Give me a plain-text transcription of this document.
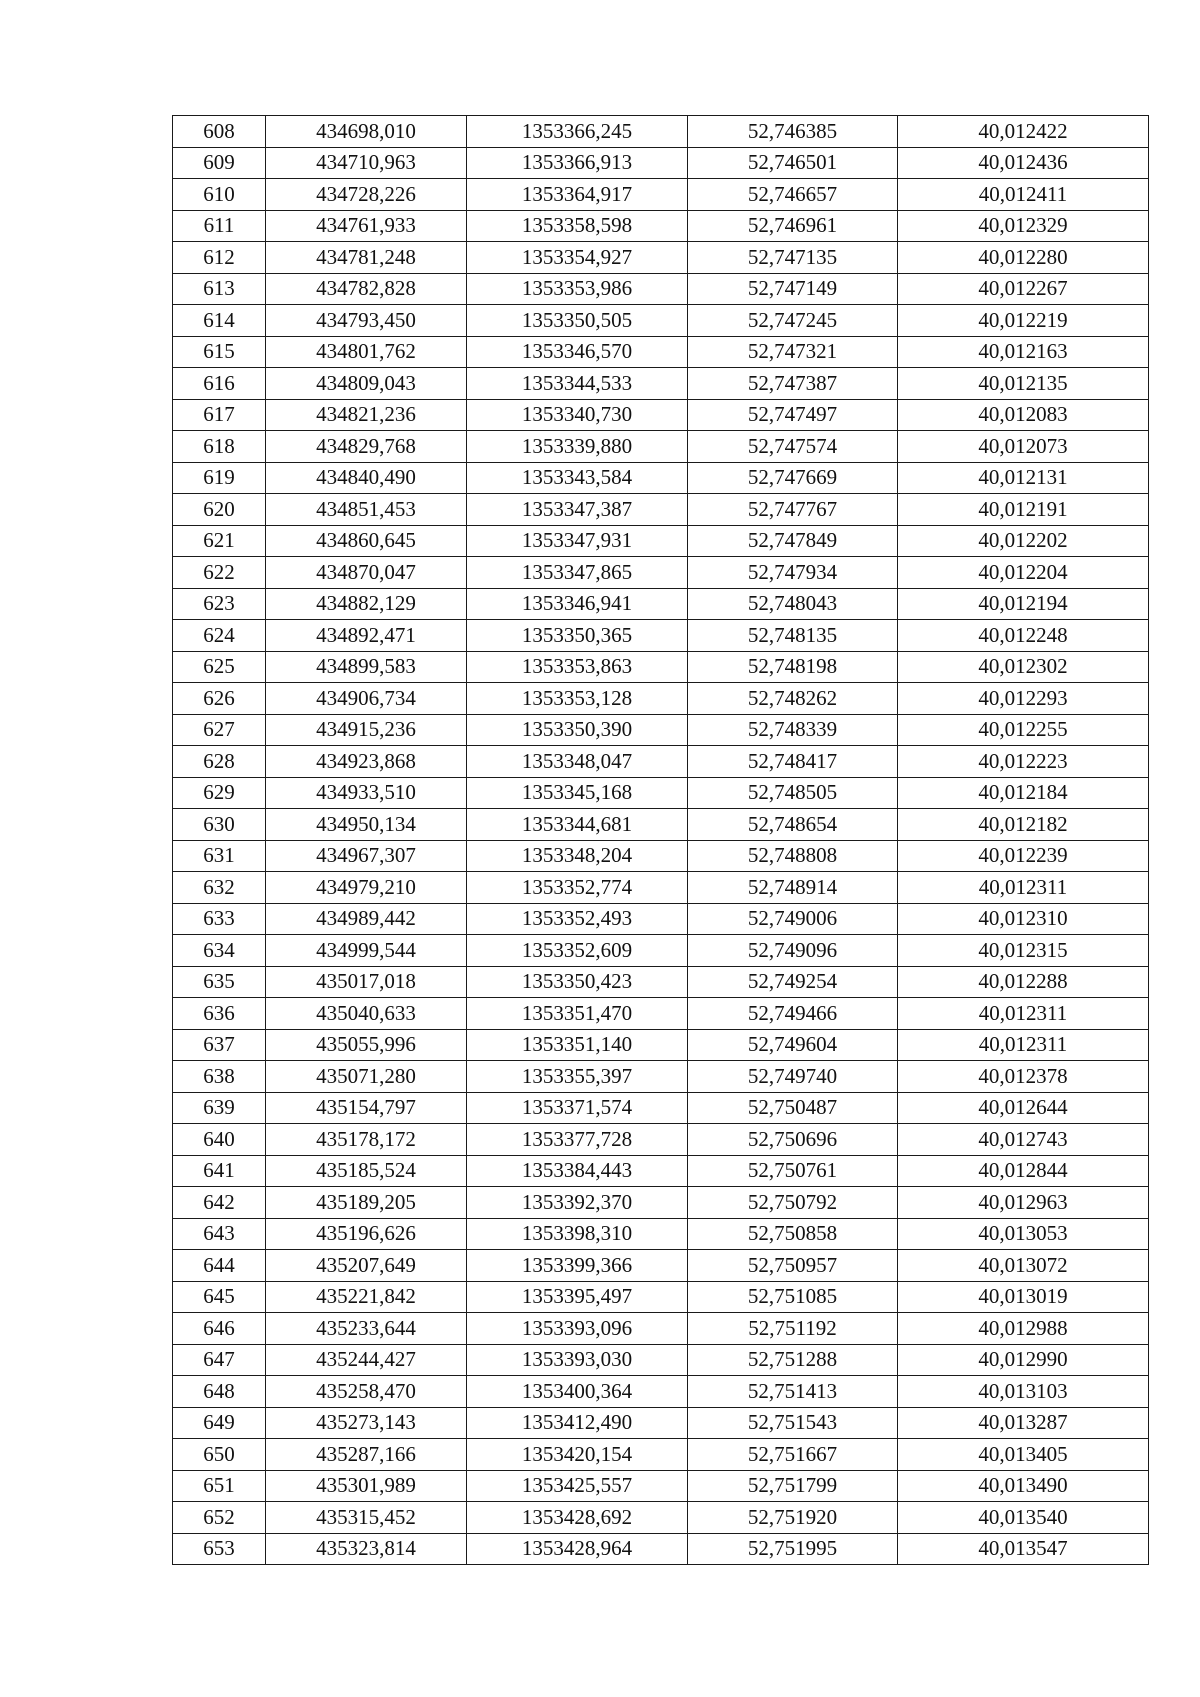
608	434698,010	1353366,245	52,746385	40,012422
609	434710,963	1353366,913	52,746501	40,012436
610	434728,226	1353364,917	52,746657	40,012411
611	434761,933	1353358,598	52,746961	40,012329
612	434781,248	1353354,927	52,747135	40,012280
613	434782,828	1353353,986	52,747149	40,012267
614	434793,450	1353350,505	52,747245	40,012219
615	434801,762	1353346,570	52,747321	40,012163
616	434809,043	1353344,533	52,747387	40,012135
617	434821,236	1353340,730	52,747497	40,012083
618	434829,768	1353339,880	52,747574	40,012073
619	434840,490	1353343,584	52,747669	40,012131
620	434851,453	1353347,387	52,747767	40,012191
621	434860,645	1353347,931	52,747849	40,012202
622	434870,047	1353347,865	52,747934	40,012204
623	434882,129	1353346,941	52,748043	40,012194
624	434892,471	1353350,365	52,748135	40,012248
625	434899,583	1353353,863	52,748198	40,012302
626	434906,734	1353353,128	52,748262	40,012293
627	434915,236	1353350,390	52,748339	40,012255
628	434923,868	1353348,047	52,748417	40,012223
629	434933,510	1353345,168	52,748505	40,012184
630	434950,134	1353344,681	52,748654	40,012182
631	434967,307	1353348,204	52,748808	40,012239
632	434979,210	1353352,774	52,748914	40,012311
633	434989,442	1353352,493	52,749006	40,012310
634	434999,544	1353352,609	52,749096	40,012315
635	435017,018	1353350,423	52,749254	40,012288
636	435040,633	1353351,470	52,749466	40,012311
637	435055,996	1353351,140	52,749604	40,012311
638	435071,280	1353355,397	52,749740	40,012378
639	435154,797	1353371,574	52,750487	40,012644
640	435178,172	1353377,728	52,750696	40,012743
641	435185,524	1353384,443	52,750761	40,012844
642	435189,205	1353392,370	52,750792	40,012963
643	435196,626	1353398,310	52,750858	40,013053
644	435207,649	1353399,366	52,750957	40,013072
645	435221,842	1353395,497	52,751085	40,013019
646	435233,644	1353393,096	52,751192	40,012988
647	435244,427	1353393,030	52,751288	40,012990
648	435258,470	1353400,364	52,751413	40,013103
649	435273,143	1353412,490	52,751543	40,013287
650	435287,166	1353420,154	52,751667	40,013405
651	435301,989	1353425,557	52,751799	40,013490
652	435315,452	1353428,692	52,751920	40,013540
653	435323,814	1353428,964	52,751995	40,013547
